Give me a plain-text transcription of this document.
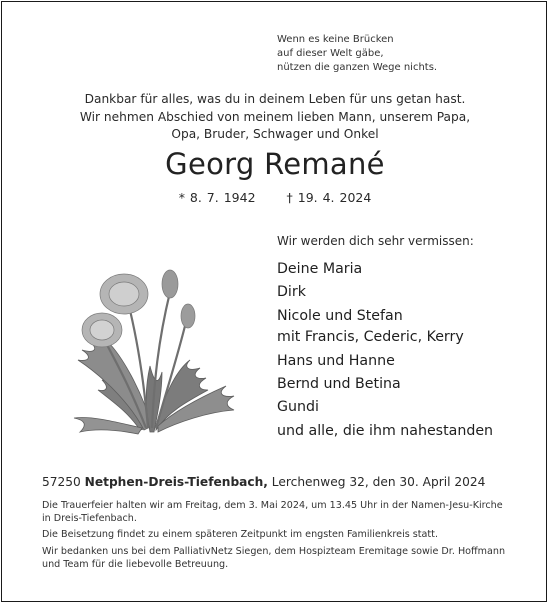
Wenn es keine Brücken
auf dieser Welt gäbe,
nützen die ganzen Wege nichts.
Dankbar für alles, was du in deinem Leben für uns getan hast.
Wir nehmen Abschied von meinem lieben Mann, unserem Papa,
Opa, Bruder, Schwager und Onkel
Georg Remané
* 8. 7. 1942 † 19. 4. 2024
Wir werden dich sehr vermissen:
Deine Maria
Dirk
Nicole und Stefan
mit Francis, Cederic, Kerry
Hans und Hanne
Bernd und Betina
Gundi
und alle, die ihm nahestanden
57250 Netphen-Dreis-Tiefenbach, Lerchenweg 32, den 30. April 2024

Die Trauerfeier halten wir am Freitag, dem 3. Mai 2024, um 13.45 Uhr in der Namen-Jesu-Kirche in Dreis-Tiefenbach.

Die Beisetzung findet zu einem späteren Zeitpunkt im engsten Familienkreis statt.

Wir bedanken uns bei dem PalliativNetz Siegen, dem Hospizteam Eremitage sowie Dr. Hoffmann und Team für die liebevolle Betreuung.
